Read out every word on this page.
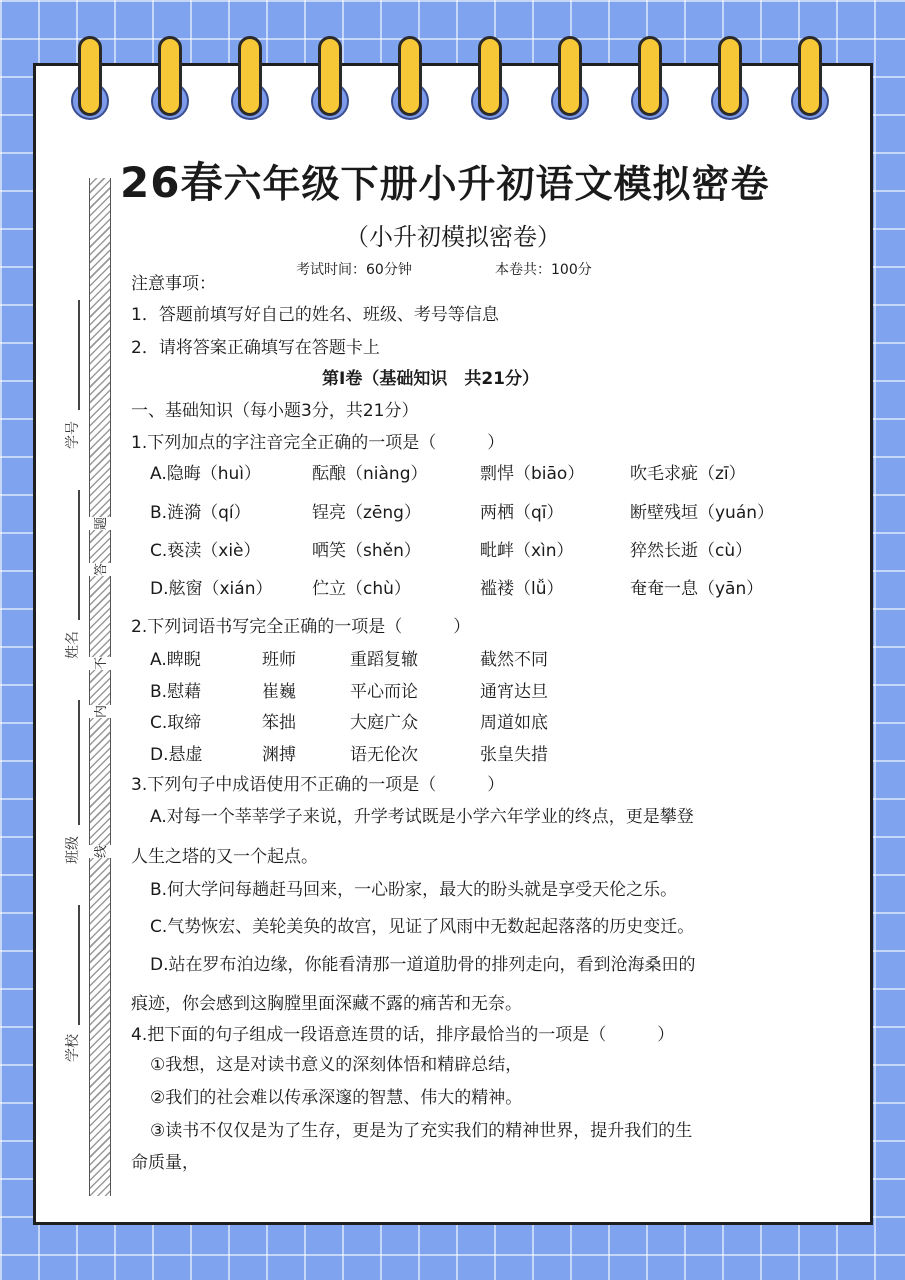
题
答
不
内
线
学号
姓名
班级
学校
26春六年级下册小升初语文模拟密卷
（小升初模拟密卷）
考试时间：60分钟	本卷共：100分
注意事项：
1．答题前填写好自己的姓名、班级、考号等信息
2．请将答案正确填写在答题卡上
第Ⅰ卷（基础知识　共21分）
一、基础知识（每小题3分，共21分）
1.下列加点的字注音完全正确的一项是（　　　）
A.隐晦（huì）	酝酿（niàng）	剽悍（biāo）	吹毛求疵（zī）
B.涟漪（qí）	锃亮（zēng）	两栖（qī）	断壁残垣（yuán）
C.亵渎（xiè）	哂笑（shěn）	毗衅（xìn）	猝然长逝（cù）
D.舷窗（xián） 伫立（chù）	褴褛（lǚ）	奄奄一息（yān）
2.下列词语书写完全正确的一项是（　　　）
A.睥睨	班师	重蹈复辙	截然不同
B.慰藉	崔巍	平心而论	通宵达旦
C.取缔	笨拙	大庭广众	周道如底
D.悬虚	渊搏	语无伦次	张皇失措
3.下列句子中成语使用不正确的一项是（　　　）
A.对每一个莘莘学子来说，升学考试既是小学六年学业的终点，更是攀登
人生之塔的又一个起点。
B.何大学问每趟赶马回来，一心盼家，最大的盼头就是享受天伦之乐。
C.气势恢宏、美轮美奂的故宫，见证了风雨中无数起起落落的历史变迁。
D.站在罗布泊边缘，你能看清那一道道肋骨的排列走向，看到沧海桑田的
痕迹，你会感到这胸膛里面深藏不露的痛苦和无奈。
4.把下面的句子组成一段语意连贯的话，排序最恰当的一项是（　　　）
①我想，这是对读书意义的深刻体悟和精辟总结，
②我们的社会难以传承深邃的智慧、伟大的精神。
③读书不仅仅是为了生存，更是为了充实我们的精神世界，提升我们的生
命质量，
